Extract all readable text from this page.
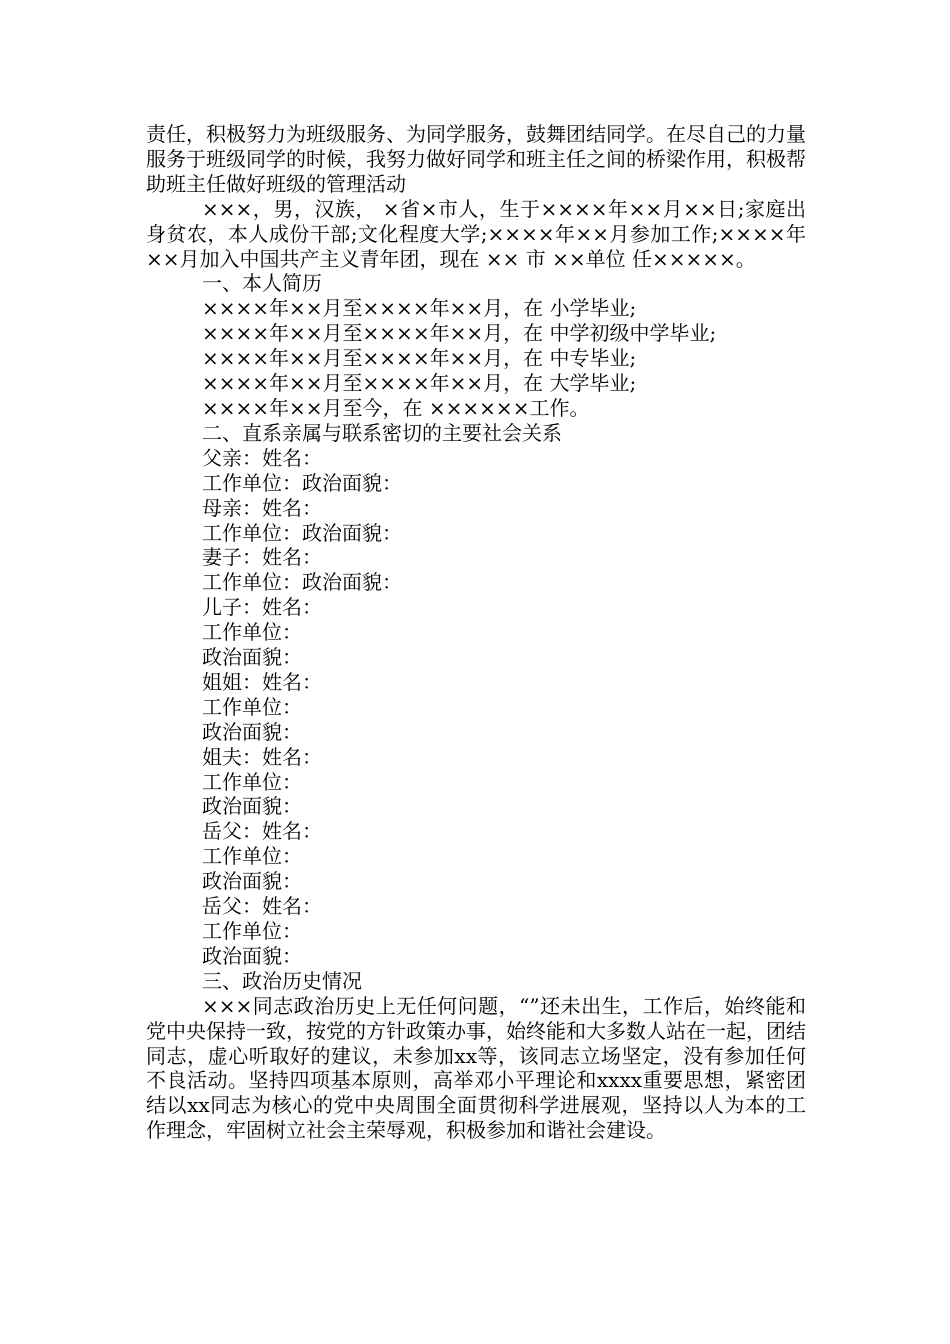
责任，积极努力为班级服务、为同学服务，鼓舞团结同学。在尽自己的力量服务于班级同学的时候，我努力做好同学和班主任之间的桥梁作用，积极帮助班主任做好班级的管理活动

×××，男，汉族， ×省×市人，生于××××年××月××日;家庭出身贫农，本人成份干部;文化程度大学;××××年××月参加工作;××××年××月加入中国共产主义青年团，现在 ×× 市 ××单位 任×××××。

一、本人简历

××××年××月至××××年××月，在 小学毕业;

××××年××月至××××年××月，在 中学初级中学毕业;

××××年××月至××××年××月，在 中专毕业;

××××年××月至××××年××月，在 大学毕业;

××××年××月至今，在 ××××××工作。

二、直系亲属与联系密切的主要社会关系

父亲：姓名：

工作单位：政治面貌：

母亲：姓名：

工作单位：政治面貌：

妻子：姓名：

工作单位：政治面貌：

儿子：姓名：

工作单位：

政治面貌：

姐姐：姓名：

工作单位：

政治面貌：

姐夫：姓名：

工作单位：

政治面貌：

岳父：姓名：

工作单位：

政治面貌：

岳父：姓名：

工作单位：

政治面貌：

三、政治历史情况

×××同志政治历史上无任何问题，“”还未出生，工作后，始终能和党中央保持一致，按党的方针政策办事，始终能和大多数人站在一起，团结同志，虚心听取好的建议，未参加xx等，该同志立场坚定，没有参加任何不良活动。坚持四项基本原则，高举邓小平理论和xxxx重要思想，紧密团结以xx同志为核心的党中央周围全面贯彻科学进展观，坚持以人为本的工作理念，牢固树立社会主荣辱观，积极参加和谐社会建设。
